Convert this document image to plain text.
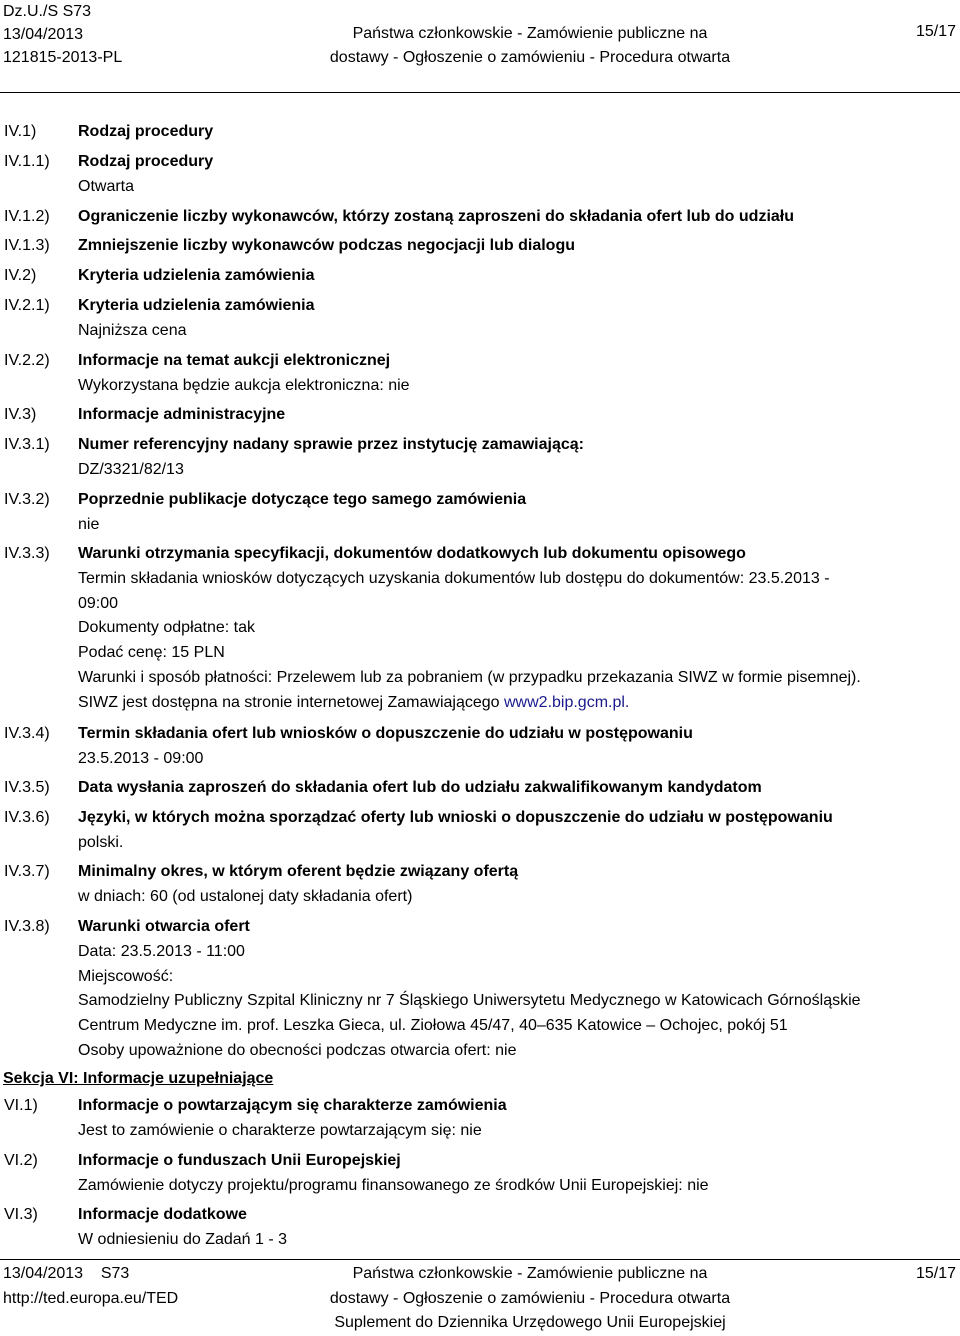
Dz.U./S S73
13/04/2013
121815-2013-PL
Państwa członkowskie - Zamówienie publiczne na
dostawy - Ogłoszenie o zamówieniu - Procedura otwarta
15/17
IV.1)	Rodzaj procedury
IV.1.1) Rodzaj procedury
Otwarta
IV.1.2) Ograniczenie liczby wykonawców, którzy zostaną zaproszeni do składania ofert lub do udziału
IV.1.3) Zmniejszenie liczby wykonawców podczas negocjacji lub dialogu
IV.2)	Kryteria udzielenia zamówienia
IV.2.1) Kryteria udzielenia zamówienia
Najniższa cena
IV.2.2) Informacje na temat aukcji elektronicznej
Wykorzystana będzie aukcja elektroniczna: nie
IV.3)	Informacje administracyjne
IV.3.1) Numer referencyjny nadany sprawie przez instytucję zamawiającą:
DZ/3321/82/13
IV.3.2) Poprzednie publikacje dotyczące tego samego zamówienia
nie
IV.3.3) Warunki otrzymania specyfikacji, dokumentów dodatkowych lub dokumentu opisowego
Termin składania wniosków dotyczących uzyskania dokumentów lub dostępu do dokumentów: 23.5.2013 -
09:00
Dokumenty odpłatne: tak
Podać cenę: 15 PLN
Warunki i sposób płatności: Przelewem lub za pobraniem (w przypadku przekazania SIWZ w formie pisemnej).
SIWZ jest dostępna na stronie internetowej Zamawiającego www2.bip.gcm.pl.
IV.3.4) Termin składania ofert lub wniosków o dopuszczenie do udziału w postępowaniu
23.5.2013 - 09:00
IV.3.5) Data wysłania zaproszeń do składania ofert lub do udziału zakwalifikowanym kandydatom
IV.3.6) Języki, w których można sporządzać oferty lub wnioski o dopuszczenie do udziału w postępowaniu
polski.
IV.3.7) Minimalny okres, w którym oferent będzie związany ofertą
w dniach: 60 (od ustalonej daty składania ofert)
IV.3.8) Warunki otwarcia ofert
Data: 23.5.2013 - 11:00
Miejscowość:
Samodzielny Publiczny Szpital Kliniczny nr 7 Śląskiego Uniwersytetu Medycznego w Katowicach Górnośląskie
Centrum Medyczne im. prof. Leszka Gieca, ul. Ziołowa 45/47, 40–635 Katowice – Ochojec, pokój 51
Osoby upoważnione do obecności podczas otwarcia ofert: nie
Sekcja VI: Informacje uzupełniające
VI.1)	Informacje o powtarzającym się charakterze zamówienia
Jest to zamówienie o charakterze powtarzającym się: nie
VI.2)	Informacje o funduszach Unii Europejskiej
Zamówienie dotyczy projektu/programu finansowanego ze środków Unii Europejskiej: nie
VI.3)	Informacje dodatkowe
W odniesieniu do Zadań 1 - 3
13/04/2013    S73
http://ted.europa.eu/TED
Państwa członkowskie - Zamówienie publiczne na
dostawy - Ogłoszenie o zamówieniu - Procedura otwarta
Suplement do Dziennika Urzędowego Unii Europejskiej
15/17
